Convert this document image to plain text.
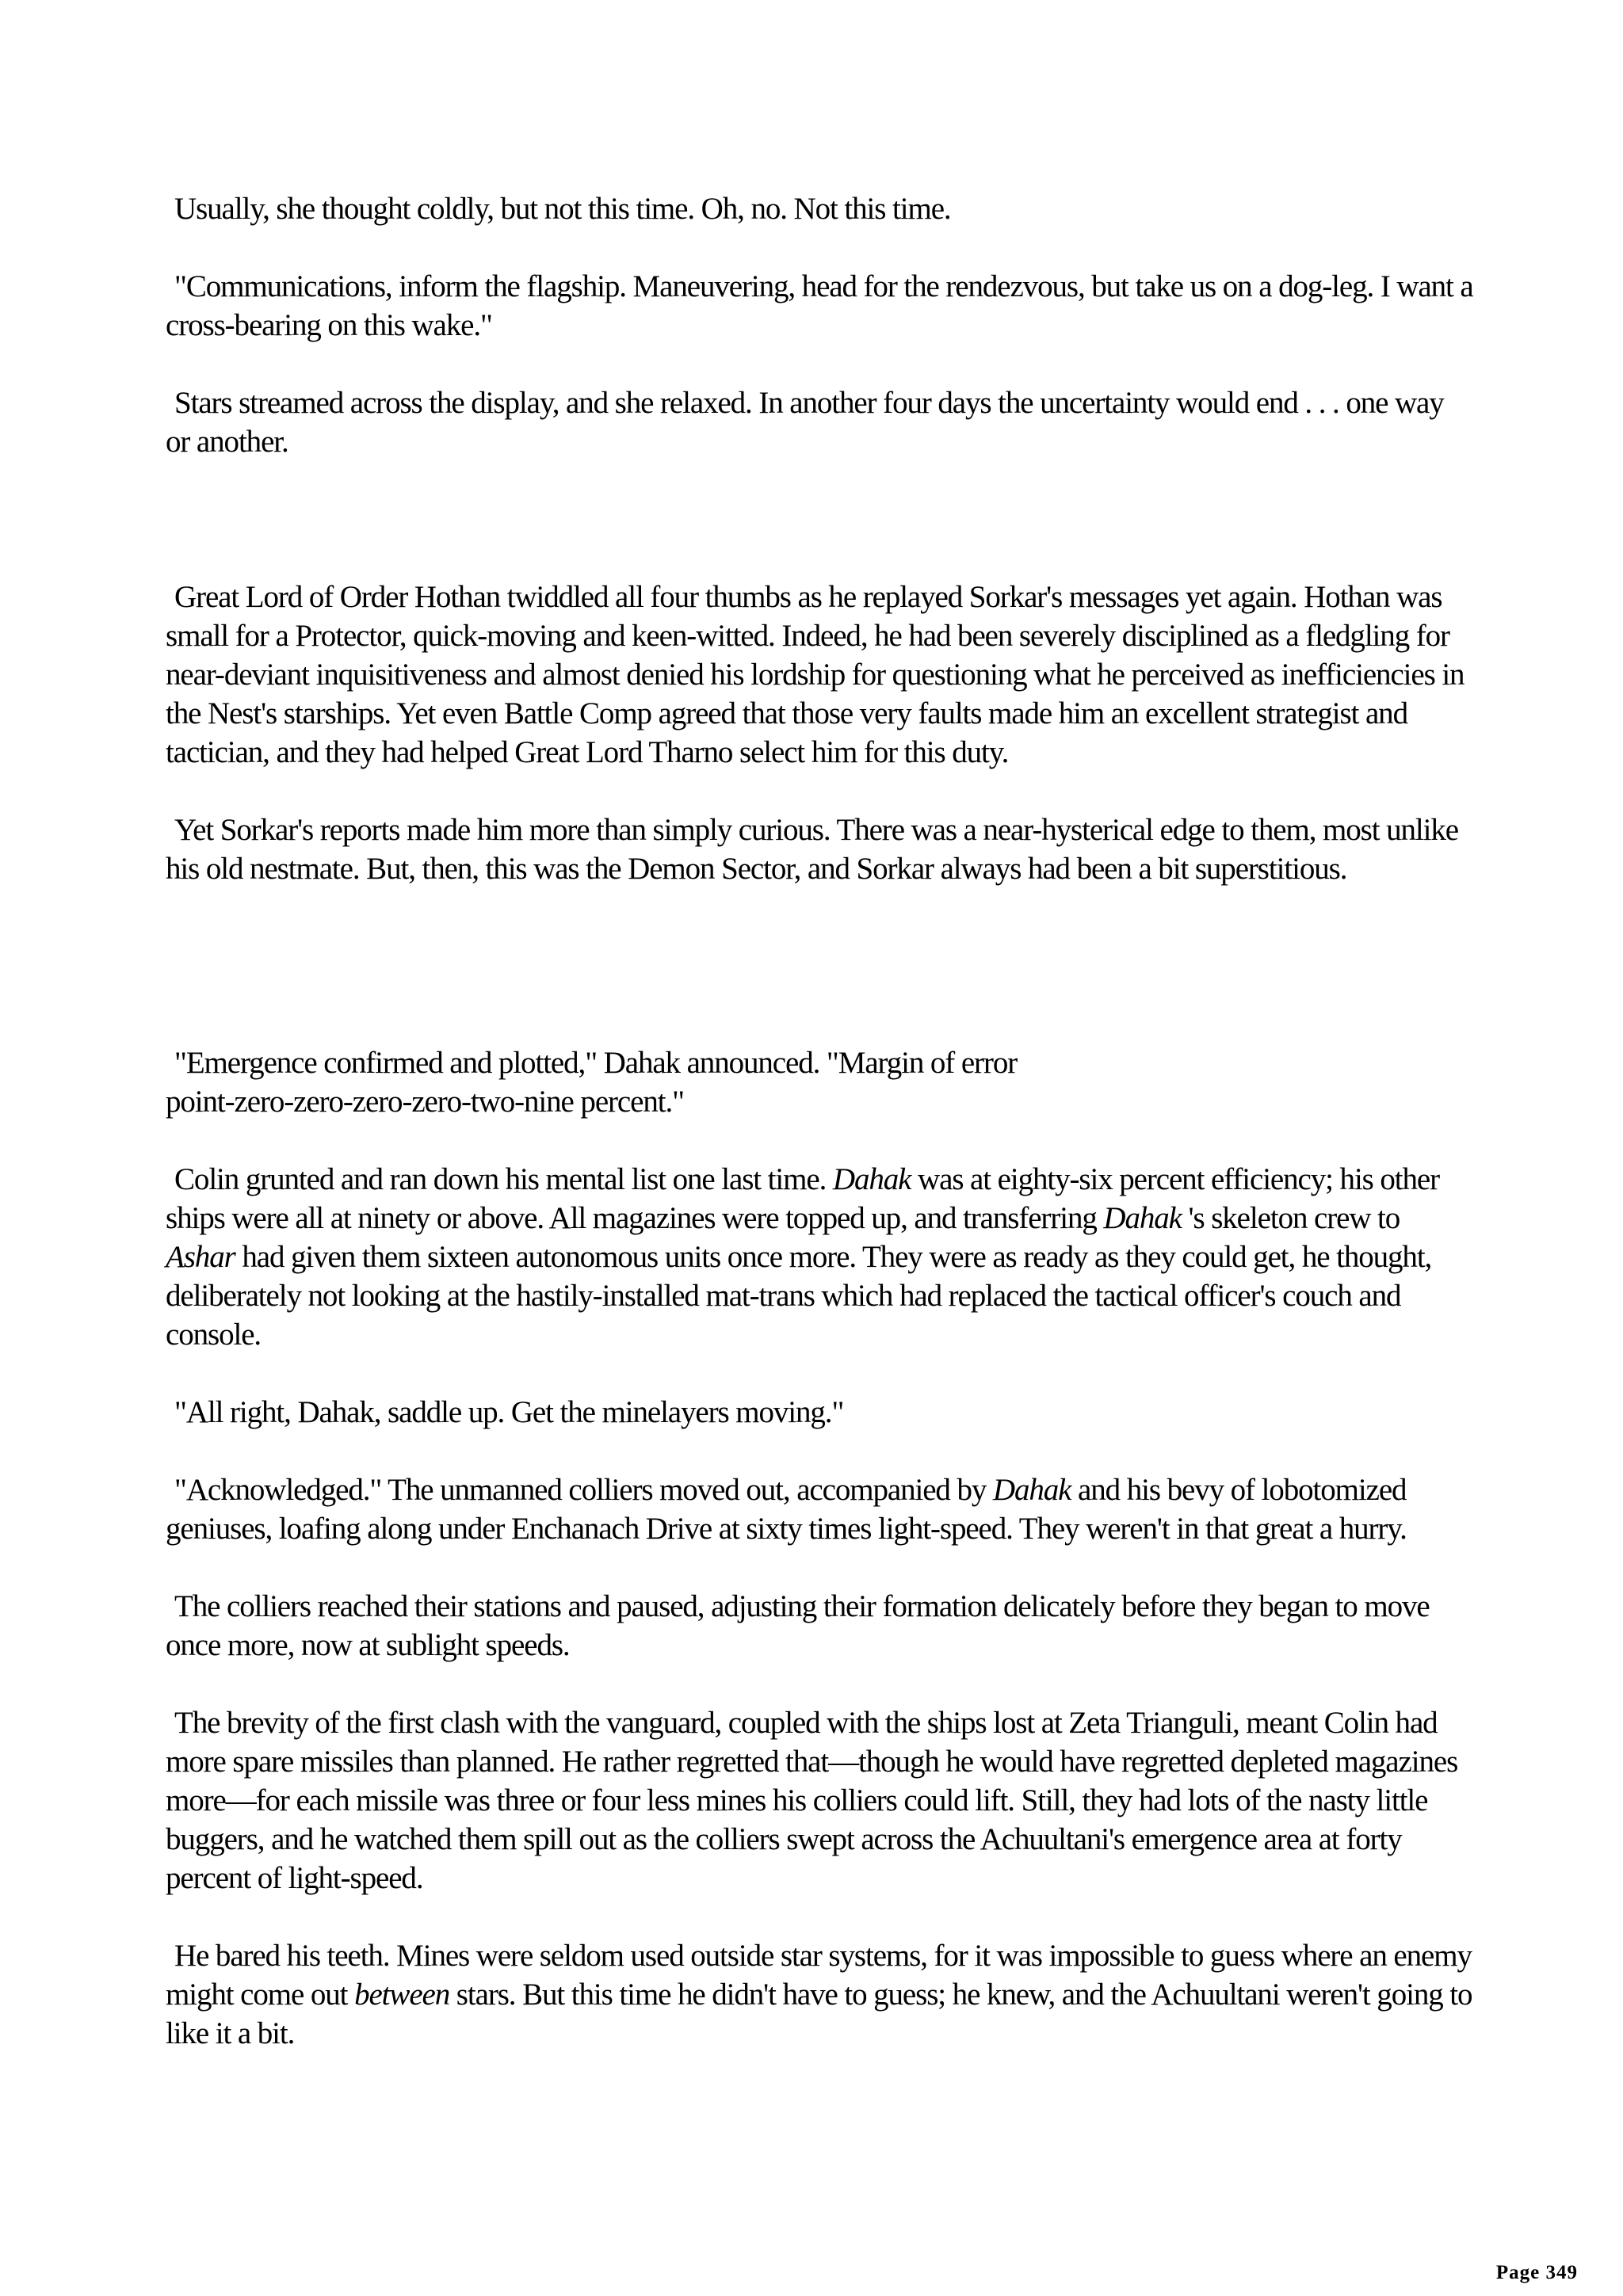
Usually, she thought coldly, but not this time. Oh, no. Not this time.

"Communications, inform the flagship. Maneuvering, head for the rendezvous, but take us on a dog-leg. I want a cross-bearing on this wake."

Stars streamed across the display, and she relaxed. In another four days the uncertainty would end . . . one way or another.

Great Lord of Order Hothan twiddled all four thumbs as he replayed Sorkar's messages yet again. Hothan was small for a Protector, quick-moving and keen-witted. Indeed, he had been severely disciplined as a fledgling for near-deviant inquisitiveness and almost denied his lordship for questioning what he perceived as inefficiencies in the Nest's starships. Yet even Battle Comp agreed that those very faults made him an excellent strategist and tactician, and they had helped Great Lord Tharno select him for this duty.

Yet Sorkar's reports made him more than simply curious. There was a near-hysterical edge to them, most unlike his old nestmate. But, then, this was the Demon Sector, and Sorkar always had been a bit superstitious.

"Emergence confirmed and plotted," Dahak announced. "Margin of error
point-zero-zero-zero-zero-two-nine percent."

Colin grunted and ran down his mental list one last time. Dahak was at eighty-six percent efficiency; his other ships were all at ninety or above. All magazines were topped up, and transferring Dahak 's skeleton crew to Ashar had given them sixteen autonomous units once more. They were as ready as they could get, he thought, deliberately not looking at the hastily-installed mat-trans which had replaced the tactical officer's couch and console.

"All right, Dahak, saddle up. Get the minelayers moving."

"Acknowledged." The unmanned colliers moved out, accompanied by Dahak and his bevy of lobotomized geniuses, loafing along under Enchanach Drive at sixty times light-speed. They weren't in that great a hurry.

The colliers reached their stations and paused, adjusting their formation delicately before they began to move once more, now at sublight speeds.

The brevity of the first clash with the vanguard, coupled with the ships lost at Zeta Trianguli, meant Colin had more spare missiles than planned. He rather regretted that—though he would have regretted depleted magazines more—for each missile was three or four less mines his colliers could lift. Still, they had lots of the nasty little buggers, and he watched them spill out as the colliers swept across the Achuultani's emergence area at forty percent of light-speed.

He bared his teeth. Mines were seldom used outside star systems, for it was impossible to guess where an enemy might come out between stars. But this time he didn't have to guess; he knew, and the Achuultani weren't going to like it a bit.

Page 349
